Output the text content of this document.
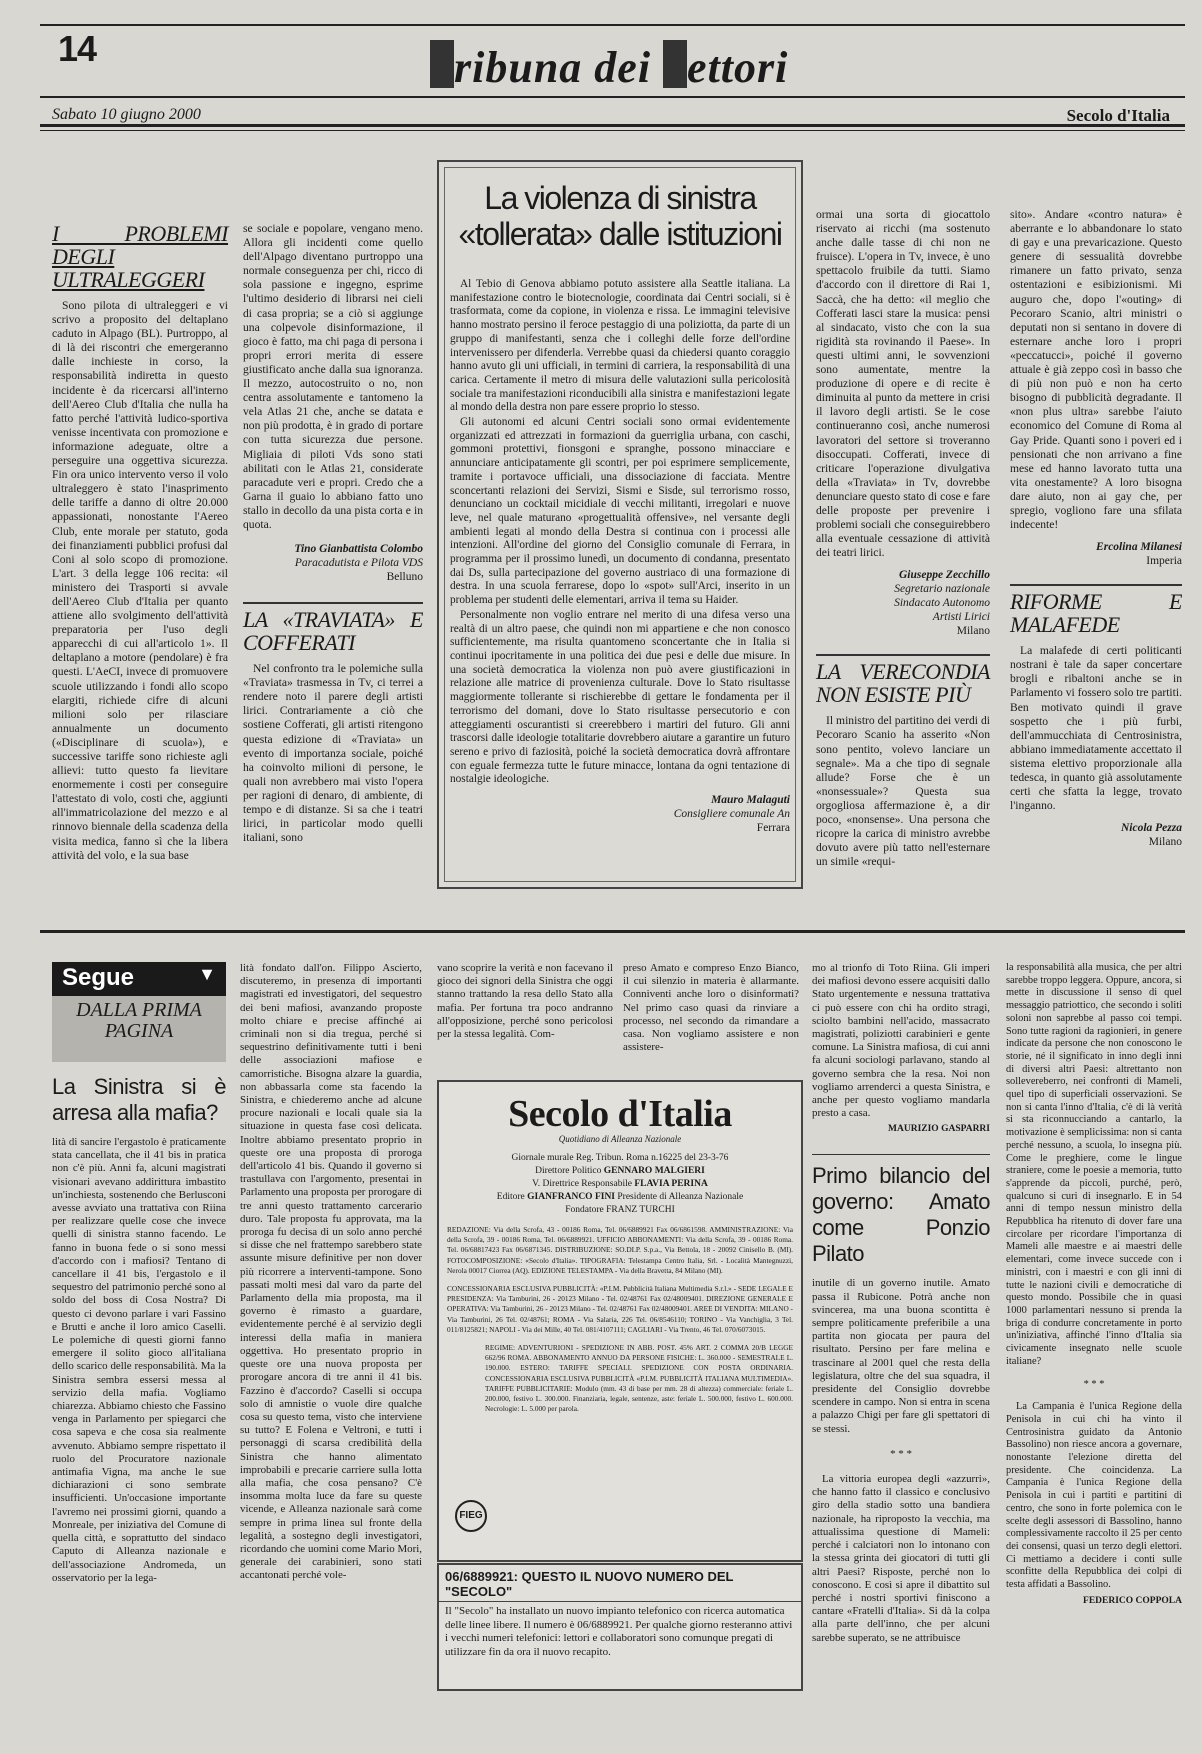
14	ribuna dei ettori
Sabato 10 giugno 2000	Secolo d'Italia
I PROBLEMI DEGLI ULTRALEGGERI

Sono pilota di ultraleggeri e vi scrivo a proposito del deltaplano caduto in Alpago (BL). Purtroppo, al di là dei riscontri che emergeranno dalle inchieste in corso, la responsabilità indiretta in questo incidente è da ricercarsi all'interno dell'Aereo Club d'Italia che nulla ha fatto perché l'attività ludico-sportiva venisse incentivata con promozione e informazione adeguate, oltre a perseguire una oggettiva sicurezza. Fin ora unico intervento verso il volo ultraleggero è stato l'inasprimento delle tariffe a danno di oltre 20.000 appassionati, nonostante l'Aereo Club, ente morale per statuto, goda dei finanziamenti pubblici profusi dal Coni al solo scopo di promozione. L'art. 3 della legge 106 recita: «il ministero dei Trasporti si avvale dell'Aereo Club d'Italia per quanto attiene allo svolgimento dell'attività preparatoria per l'uso degli apparecchi di cui all'articolo 1». Il deltaplano a motore (pendolare) è fra questi. L'AeCI, invece di promuovere scuole utilizzando i fondi allo scopo elargiti, richiede cifre di alcuni milioni solo per rilasciare annualmente un documento («Disciplinare di scuola»), e successive tariffe sono richieste agli allievi: tutto questo fa lievitare enormemente i costi per conseguire l'attestato di volo, costi che, aggiunti all'immatricolazione del mezzo e al rinnovo biennale della scadenza della visita medica, fanno sì che la libera attività del volo, e la sua base

se sociale e popolare, vengano meno. Allora gli incidenti come quello dell'Alpago diventano purtroppo una normale conseguenza per chi, ricco di sola passione e ingegno, esprime l'ultimo desiderio di librarsi nei cieli di casa propria; se a ciò si aggiunge una colpevole disinformazione, il gioco è fatto, ma chi paga di persona i propri errori merita di essere giustificato anche dalla sua ignoranza. Il mezzo, autocostruito o no, non centra assolutamente e tantomeno la vela Atlas 21 che, anche se datata e non più prodotta, è in grado di portare con tutta sicurezza due persone. Migliaia di piloti Vds sono stati abilitati con le Atlas 21, considerate paracadute veri e propri. Credo che a Garna il guaio lo abbiano fatto uno stallo in decollo da una pista corta e in quota.

Tino Gianbattista Colombo
Paracadutista e Pilota VDS
Belluno
LA «TRAVIATA» E COFFERATI

Nel confronto tra le polemiche sulla «Traviata» trasmessa in Tv, ci terrei a rendere noto il parere degli artisti lirici. Contrariamente a ciò che sostiene Cofferati, gli artisti ritengono questa edizione di «Traviata» un evento di importanza sociale, poiché ha coinvolto milioni di persone, le quali non avrebbero mai visto l'opera per ragioni di denaro, di ambiente, di tempo e di distanze. Si sa che i teatri lirici, in particolar modo quelli italiani, sono

La violenza di sinistra «tollerata» dalle istituzioni

Al Tebio di Genova abbiamo potuto assistere alla Seattle italiana. La manifestazione contro le biotecnologie, coordinata dai Centri sociali, si è trasformata, come da copione, in violenza e rissa. Le immagini televisive hanno mostrato persino il feroce pestaggio di una poliziotta, da parte di un gruppo di manifestanti, senza che i colleghi delle forze dell'ordine intervenissero per difenderla. Verrebbe quasi da chiedersi quanto coraggio hanno avuto gli uni ufficiali, in termini di carriera, la responsabilità di una carica. Certamente il metro di misura delle valutazioni sulla pericolosità sociale tra manifestazioni riconducibili alla sinistra e manifestazioni legate al mondo della destra non pare essere proprio lo stesso.

Gli autonomi ed alcuni Centri sociali sono ormai evidentemente organizzati ed attrezzati in formazioni da guerriglia urbana, con caschi, gommoni protettivi, fionsgoni e spranghe, possono minacciare e annunciare anticipatamente gli scontri, per poi esprimere semplicemente, tramite i portavoce ufficiali, una dissociazione di facciata. Mentre sconcertanti relazioni dei Servizi, Sismi e Sisde, sul terrorismo rosso, denunciano un cocktail micidiale di vecchi militanti, irregolari e nuove leve, nel quale maturano «progettualità offensive», nel versante degli ambienti legati al mondo della Destra si continua con i processi alle intenzioni. All'ordine del giorno del Consiglio comunale di Ferrara, in programma per il prossimo lunedì, un documento di condanna, presentato dai Ds, sulla partecipazione del governo austriaco di una formazione di destra. In una scuola ferrarese, dopo lo «spot» sull'Arci, inserito in un problema per studenti delle elementari, arriva il tema su Haider.

Personalmente non voglio entrare nel merito di una difesa verso una realtà di un altro paese, che quindi non mi appartiene e che non conosco sufficientemente, ma risulta quantomeno sconcertante che in Italia si continui ipocritamente in una politica dei due pesi e delle due misure. In una società democratica la violenza non può avere giustificazioni in relazione alle matrice di provenienza culturale. Dove lo Stato risultasse maggiormente tollerante si rischierebbe di gettare le fondamenta per il terrorismo del domani, dove lo Stato risultasse persecutorio e con atteggiamenti oscurantisti si creerebbero i martiri del futuro. Gli anni trascorsi dalle ideologie totalitarie dovrebbero aiutare a garantire un futuro sereno e privo di faziosità, poiché la società democratica dovrà affrontare con eguale fermezza tutte le future minacce, lontana da ogni tentazione di nostalgie ideologiche.

Mauro Malaguti
Consigliere comunale An
Ferrara

ormai una sorta di giocattolo riservato ai ricchi (ma sostenuto anche dalle tasse di chi non ne fruisce). L'opera in Tv, invece, è uno spettacolo fruibile da tutti. Siamo d'accordo con il direttore di Rai 1, Saccà, che ha detto: «il meglio che Cofferati lasci stare la musica: pensi al sindacato, visto che con la sua rigidità sta rovinando il Paese». In questi ultimi anni, le sovvenzioni sono aumentate, mentre la produzione di opere e di recite è diminuita al punto da mettere in crisi il lavoro degli artisti. Se le cose continueranno così, anche numerosi lavoratori del settore si troveranno disoccupati. Cofferati, invece di criticare l'operazione divulgativa della «Traviata» in Tv, dovrebbe denunciare questo stato di cose e fare delle proposte per prevenire i problemi sociali che conseguirebbero alla eventuale cessazione di attività dei teatri lirici.

Giuseppe Zecchillo
Segretario nazionale
Sindacato Autonomo
Artisti Lirici
Milano
LA VERECONDIA NON ESISTE PIÙ

Il ministro del partitino dei verdi di Pecoraro Scanio ha asserito «Non sono pentito, volevo lanciare un segnale». Ma a che tipo di segnale allude? Forse che è un «nonsessuale»? Questa sua orgogliosa affermazione è, a dir poco, «nonsense». Una persona che ricopre la carica di ministro avrebbe dovuto avere più tatto nell'esternare un simile «requi-

sito». Andare «contro natura» è aberrante e lo abbandonare lo stato di gay e una prevaricazione. Questo genere di sessualità dovrebbe rimanere un fatto privato, senza ostentazioni e esibizionismi. Mi auguro che, dopo l'«outing» di Pecoraro Scanio, altri ministri o deputati non si sentano in dovere di esternare anche loro i propri «peccatucci», poiché il governo attuale è già zeppo così in basso che di più non può e non ha certo bisogno di pubblicità degradante. Il «non plus ultra» sarebbe l'aiuto economico del Comune di Roma al Gay Pride. Quanti sono i poveri ed i pensionati che non arrivano a fine mese ed hanno lavorato tutta una vita onestamente? A loro bisogna dare aiuto, non ai gay che, per spregio, vogliono fare una sfilata indecente!

Ercolina Milanesi
Imperia
RIFORME E MALAFEDE

La malafede di certi politicanti nostrani è tale da saper concertare brogli e ribaltoni anche se in Parlamento vi fossero solo tre partiti. Ben motivato quindi il grave sospetto che i più furbi, dell'ammucchiata di Centrosinistra, abbiano immediatamente accettato il sistema elettivo proporzionale alla tedesca, in quanto già assolutamente certi che sfatta la legge, trovato l'inganno.

Nicola Pezza
Milano
▼
Segue
DALLA PRIMA PAGINA
La Sinistra si è arresa alla mafia?

lità di sancire l'ergastolo è praticamente stata cancellata, che il 41 bis in pratica non c'è più. Anni fa, alcuni magistrati visionari avevano addirittura imbastito un'inchiesta, sostenendo che Berlusconi avesse avviato una trattativa con Riina per realizzare quelle cose che invece quelli di sinistra stanno facendo. Le fanno in buona fede o si sono messi d'accordo con i mafiosi? Tentano di cancellare il 41 bis, l'ergastolo e il sequestro del patrimonio perché sono al soldo del boss di Cosa Nostra? Di questo ci devono parlare i vari Fassino e Brutti e anche il loro amico Caselli. Le polemiche di questi giorni fanno emergere il solito gioco all'italiana dello scarico delle responsabilità. Ma la Sinistra sembra essersi messa al servizio della mafia. Vogliamo chiarezza. Abbiamo chiesto che Fassino venga in Parlamento per spiegarci che cosa sapeva e che cosa sia realmente avvenuto. Abbiamo sempre rispettato il ruolo del Procuratore nazionale antimafia Vigna, ma anche le sue dichiarazioni ci sono sembrate insufficienti. Un'occasione importante l'avremo nei prossimi giorni, quando a Monreale, per iniziativa del Comune di quella città, e soprattutto del sindaco Caputo di Alleanza nazionale e dell'associazione Andromeda, un osservatorio per la lega-

lità fondato dall'on. Filippo Ascierto, discuteremo, in presenza di importanti magistrati ed investigatori, del sequestro dei beni mafiosi, avanzando proposte molto chiare e precise affinché ai criminali non si dia tregua, perché si sequestrino definitivamente tutti i beni delle associazioni mafiose e camorristiche. Bisogna alzare la guardia, non abbassarla come sta facendo la Sinistra, e chiederemo anche ad alcune procure nazionali e locali quale sia la situazione in questa fase così delicata. Inoltre abbiamo presentato proprio in queste ore una proposta di proroga dell'articolo 41 bis. Quando il governo si trastullava con l'argomento, presentai in Parlamento una proposta per prorogare di tre anni questo trattamento carcerario duro. Tale proposta fu approvata, ma la proroga fu decisa di un solo anno perché si disse che nel frattempo sarebbero state assunte misure definitive per non dover più ricorrere a interventi-tampone. Sono passati molti mesi dal varo da parte del Parlamento della mia proposta, ma il governo è rimasto a guardare, evidentemente perché è al servizio degli interessi della mafia in maniera oggettiva. Ho presentato proprio in queste ore una nuova proposta per prorogare ancora di tre anni il 41 bis. Fazzino è d'accordo? Caselli si occupa solo di amnistie o vuole dire qualche cosa su questo tema, visto che interviene su tutto? E Folena e Veltroni, e tutti i personaggi di scarsa credibilità della Sinistra che hanno alimentato improbabili e precarie carriere sulla lotta alla mafia, che cosa pensano? C'è insomma molta luce da fare su queste vicende, e Alleanza nazionale sarà come sempre in prima linea sul fronte della legalità, a sostegno degli investigatori, ricordando che uomini come Mario Mori, generale dei carabinieri, sono stati accantonati perché vole-

vano scoprire la verità e non facevano il gioco dei signori della Sinistra che oggi stanno trattando la resa dello Stato alla mafia. Per fortuna tra poco andranno all'opposizione, perché sono pericolosi per la stessa legalità. Com-

preso Amato e compreso Enzo Bianco, il cui silenzio in materia è allarmante. Conniventi anche loro o disinformati? Nel primo caso quasi da rinviare a processo, nel secondo da rimandare a casa. Non vogliamo assistere e non assistere-

Secolo d'Italia
Quotidiano di Alleanza Nazionale
Giornale murale Reg. Tribun. Roma n.16225 del 23-3-76
Direttore Politico GENNARO MALGIERI
V. Direttrice Responsabile FLAVIA PERINA
Editore GIANFRANCO FINI Presidente di Alleanza Nazionale
Fondatore FRANZ TURCHI
REDAZIONE: Via della Scrofa, 43 - 00186 Roma, Tel. 06/6889921 Fax 06/6861598. AMMINISTRAZIONE: Via della Scrofa, 39 - 00186 Roma, Tel. 06/6889921. UFFICIO ABBONAMENTI: Via della Scrofa, 39 - 00186 Roma. Tel. 06/68817423 Fax 06/6871345. DISTRIBUZIONE: SO.DI.P. S.p.a., Via Bettola, 18 - 20092 Cinisello B. (MI). FOTOCOMPOSIZIONE: «Secolo d'Italia». TIPOGRAFIA: Telestampa Centro Italia, Srl. - Località Mantegnuzzi, Nerola 00017 Ciorrea (AQ). EDIZIONE TELESTAMPA - Via della Bravetta, 84 Milano (MI).
CONCESSIONARIA ESCLUSIVA PUBBLICITÀ: «P.I.M. Pubblicità Italiana Multimedia S.r.l.» - SEDE LEGALE E PRESIDENZA: Via Tamburini, 26 - 20123 Milano - Tel. 02/48761 Fax 02/48009401. DIREZIONE GENERALE E OPERATIVA: Via Tamburini, 26 - 20123 Milano - Tel. 02/48761 Fax 02/48009401. AREE DI VENDITA: MILANO - Via Tamburini, 26 Tel. 02/48761; ROMA - Via Salaria, 226 Tel. 06/8546110; TORINO - Via Vanchiglia, 3 Tel. 011/8125821; NAPOLI - Via dei Mille, 40 Tel. 081/4107111; CAGLIARI - Via Trento, 46 Tel. 070/6073015.
REGIME: ADVENTURIONI - SPEDIZIONE IN ABB. POST. 45% ART. 2 COMMA 20/B LEGGE 662/96 ROMA. ABBONAMENTO ANNUO DA PERSONE FISICHE: L. 360.000 - SEMESTRALE L. 190.000. ESTERO: TARIFFE SPECIALI. SPEDIZIONE CON POSTA ORDINARIA. CONCESSIONARIA ESCLUSIVA PUBBLICITÀ «P.I.M. PUBBLICITÀ ITALIANA MULTIMEDIA». TARIFFE PUBBLICITARIE: Modulo (mm. 43 di base per mm. 28 di altezza) commerciale: feriale L. 200.000, festivo L. 300.000. Finanziaria, legale, sentenze, aste: feriale L. 500.000, festivo L. 600.000. Necrologie: L. 5.000 per parola.
FIEG
06/6889921: QUESTO IL NUOVO NUMERO DEL "SECOLO"
Il "Secolo" ha installato un nuovo impianto telefonico con ricerca automatica delle linee libere. Il numero è 06/6889921. Per qualche giorno resteranno attivi i vecchi numeri telefonici: lettori e collaboratori sono comunque pregati di utilizzare fin da ora il nuovo recapito.

mo al trionfo di Toto Riina. Gli imperi dei mafiosi devono essere acquisiti dallo Stato urgentemente e nessuna trattativa ci può essere con chi ha ordito stragi, sciolto bambini nell'acido, massacrato magistrati, poliziotti carabinieri e gente comune. La Sinistra mafiosa, di cui anni fa alcuni sociologi parlavano, stando al governo sembra che la resa. Noi non vogliamo arrenderci a questa Sinistra, e anche per questo vogliamo mandarla presto a casa.

MAURIZIO GASPARRI
Primo bilancio del governo: Amato come Ponzio Pilato

inutile di un governo inutile. Amato passa il Rubicone. Potrà anche non svincerea, ma una buona scontitta è sempre politicamente preferibile a una partita non giocata per paura del risultato. Persino per fare melina e trascinare al 2001 quel che resta della legislatura, oltre che del sua squadra, il presidente del Consiglio dovrebbe scendere in campo. Non si entra in scena a palazzo Chigi per fare gli spettatori di se stessi.

* * *

La vittoria europea degli «azzurri», che hanno fatto il classico e conclusivo giro della stadio sotto una bandiera nazionale, ha riproposto la vecchia, ma attualissima questione di Mameli: perché i calciatori non lo intonano con la stessa grinta dei giocatori di tutti gli altri Paesi? Risposte, perché non lo conoscono. E così si apre il dibattito sul perché i nostri sportivi finiscono a cantare «Fratelli d'Italia». Si dà la colpa alla parte dell'inno, che per alcuni sarebbe superato, se ne attribuisce

la responsabilità alla musica, che per altri sarebbe troppo leggera. Oppure, ancora, si mette in discussione il senso di quel messaggio patriottico, che secondo i soliti soloni non saprebbe al passo coi tempi. Sono tutte ragioni da ragionieri, in genere indicate da persone che non conoscono le storie, né il significato in inno degli inni di diversi altri Paesi: altrettanto non sollevereberro, nei confronti di Mameli, quel tipo di superficiali osservazioni. Se non si canta l'inno d'Italia, c'è di là verità si sta riconnucciando a cantarlo, la motivazione è semplicissima: non si canta perché nessuno, a scuola, lo insegna più. Come le preghiere, come le lingue straniere, come le poesie a memoria, tutto s'apprende da piccoli, purché, però, qualcuno si curi di insegnarlo. E in 54 anni di tempo nessun ministro della Repubblica ha ritenuto di dover fare una circolare per ricordare l'importanza di Mameli alle maestre e ai maestri delle elementari, come invece succede con i ministri, con i maestri e con gli inni di tutte le nazioni civili e democratiche di questo mondo. Possibile che in quasi 1000 parlamentari nessuno si prenda la briga di condurre concretamente in porto un'iniziativa, affinché l'inno d'Italia sia civicamente insegnato nelle scuole italiane?

* * *

La Campania è l'unica Regione della Penisola in cui chi ha vinto il Centrosinistra guidato da Antonio Bassolino) non riesce ancora a governare, nonostante l'elezione diretta del presidente. Che coincidenza. La Campania è l'unica Regione della Penisola in cui i partiti e partitini di centro, che sono in forte polemica con le scelte degli assessori di Bassolino, hanno complessivamente raccolto il 25 per cento dei consensi, quasi un terzo degli elettori. Ci mettiamo a decidere i conti sulle sconfitte della Repubblica dei colpi di testa affidati a Bassolino.

FEDERICO COPPOLA
